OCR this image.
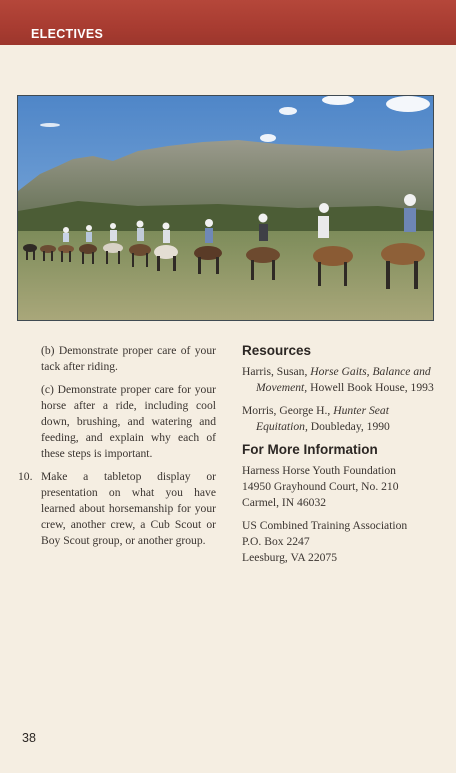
ELECTIVES
(b) Demonstrate proper care of your tack after riding.
(c) Demonstrate proper care for your horse after a ride, including cool down, brushing, and watering and feeding, and explain why each of these steps is important.
10. Make a tabletop display or presentation on what you have learned about horsemanship for your crew, another crew, a Cub Scout or Boy Scout group, or another group.
Resources
Harris, Susan, Horse Gaits, Balance and Movement, Howell Book House, 1993
Morris, George H., Hunter Seat Equitation, Doubleday, 1990
For More Information
Harness Horse Youth Foundation
14950 Grayhound Court, No. 210
Carmel, IN 46032
US Combined Training Association
P.O. Box 2247
Leesburg, VA 22075
38
